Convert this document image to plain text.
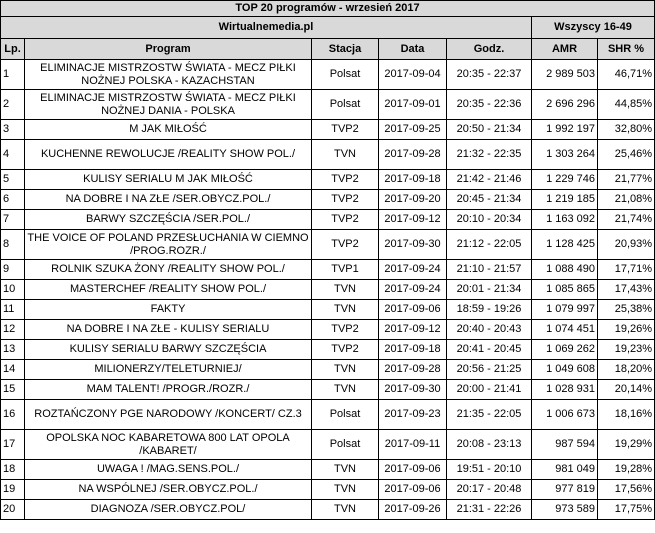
TOP 20 programów - wrzesień 2017						
Wirtualnemedia.pl					Wszyscy 16-49	
Lp.	Program	Stacja	Data	Godz.	AMR	SHR %
1	ELIMINACJE MISTRZOSTW ŚWIATA - MECZ PIŁKI NOŻNEJ POLSKA - KAZACHSTAN	Polsat	2017-09-04	20:35 - 22:37	2 989 503	46,71%
2	ELIMINACJE MISTRZOSTW ŚWIATA - MECZ PIŁKI NOŻNEJ DANIA - POLSKA	Polsat	2017-09-01	20:35 - 22:36	2 696 296	44,85%
3	M JAK MIŁOŚĆ	TVP2	2017-09-25	20:50 - 21:34	1 992 197	32,80%
4	KUCHENNE REWOLUCJE /REALITY SHOW POL./	TVN	2017-09-28	21:32 - 22:35	1 303 264	25,46%
5	KULISY SERIALU M JAK MIŁOŚĆ	TVP2	2017-09-18	21:42 - 21:46	1 229 746	21,77%
6	NA DOBRE I NA ZŁE /SER.OBYCZ.POL./	TVP2	2017-09-20	20:45 - 21:34	1 219 185	21,08%
7	BARWY SZCZĘŚCIA /SER.POL./	TVP2	2017-09-12	20:10 - 20:34	1 163 092	21,74%
8	THE VOICE OF POLAND PRZESŁUCHANIA W CIEMNO /PROG.ROZR./	TVP2	2017-09-30	21:12 - 22:05	1 128 425	20,93%
9	ROLNIK SZUKA ŻONY /REALITY SHOW POL./	TVP1	2017-09-24	21:10 - 21:57	1 088 490	17,71%
10	MASTERCHEF /REALITY SHOW POL./	TVN	2017-09-24	20:01 - 21:34	1 085 865	17,43%
11	FAKTY	TVN	2017-09-06	18:59 - 19:26	1 079 997	25,38%
12	NA DOBRE I NA ZŁE - KULISY SERIALU	TVP2	2017-09-12	20:40 - 20:43	1 074 451	19,26%
13	KULISY SERIALU BARWY SZCZĘŚCIA	TVP2	2017-09-18	20:41 - 20:45	1 069 262	19,23%
14	MILIONERZY/TELETURNIEJ/	TVN	2017-09-28	20:56 - 21:25	1 049 608	18,20%
15	MAM TALENT! /PROGR./ROZR./	TVN	2017-09-30	20:00 - 21:41	1 028 931	20,14%
16	ROZTAŃCZONY PGE NARODOWY /KONCERT/ CZ.3	Polsat	2017-09-23	21:35 - 22:05	1 006 673	18,16%
17	OPOLSKA NOC KABARETOWA 800 LAT OPOLA /KABARET/	Polsat	2017-09-11	20:08 - 23:13	987 594	19,29%
18	UWAGA ! /MAG.SENS.POL./	TVN	2017-09-06	19:51 - 20:10	981 049	19,28%
19	NA WSPÓLNEJ /SER.OBYCZ.POL./	TVN	2017-09-06	20:17 - 20:48	977 819	17,56%
20	DIAGNOZA /SER.OBYCZ.POL/	TVN	2017-09-26	21:31 - 22:26	973 589	17,75%
